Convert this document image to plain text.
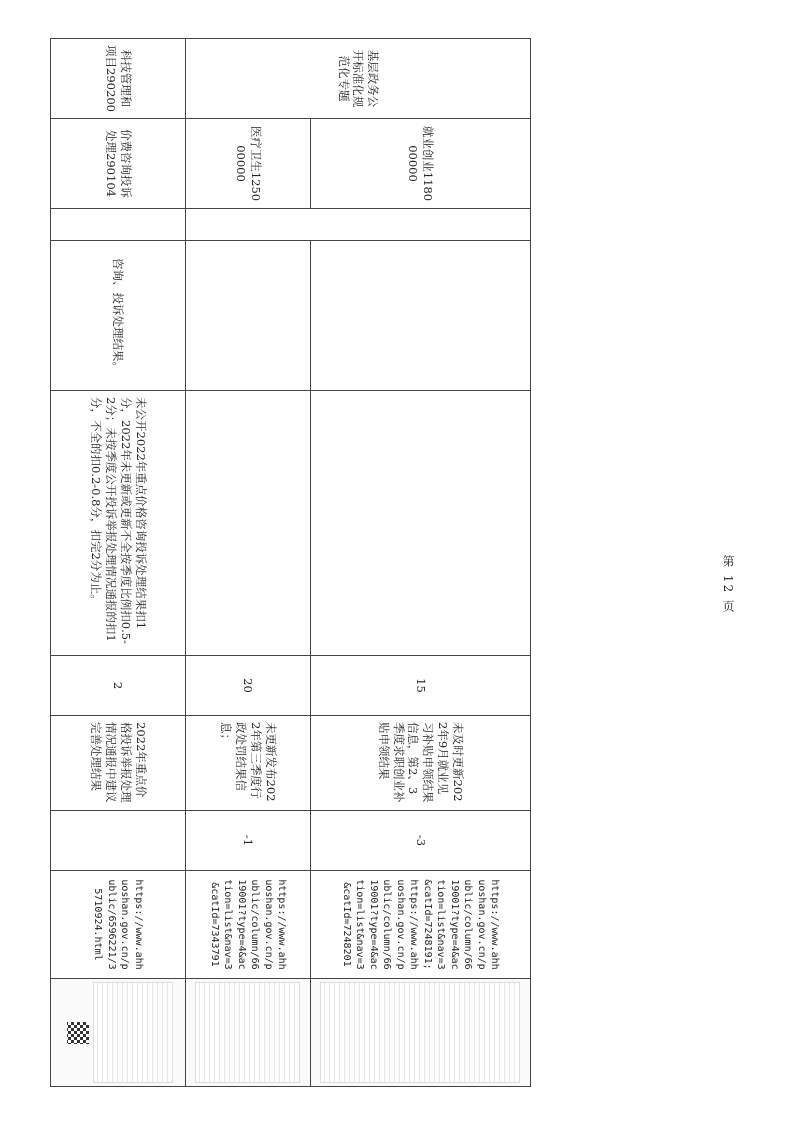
基层政务公开标准化规范化专题	就业创业118000000				15	未及时更新2022年9月就业见习补贴申领结果信息，第2、3季度求职创业补贴申领结果	-3	https://www.ahhuoshan.gov.cn/public/column/6619001?type=4&action=list&nav=3&catId=7248191; https://www.ahhuoshan.gov.cn/public/column/6619001?type=4&action=list&nav=3&catId=7248201	

	医疗卫生125000000				20	未更新发布2022年第三季度行政处罚结果信息；	-1	https://www.ahhuoshan.gov.cn/public/column/6619001?type=4&action=list&nav=3&catId=7343791	

科技管理和项目290200	价费咨询投诉处理290104		咨询、投诉处理结果。	未公开2022年重点价格咨询投诉处理结果扣1分，2022年未更新或更新不全按季度比例扣0.5-2分；未按季度公开投诉举报处理情况通报的扣1分，不全的扣0.2-0.8分，扣完2分为止。	2	2022年重点价格投诉举报处理情况通报中建议完善处理结果		https://www.ahhuoshan.gov.cn/public/6596221/35710924.html	
第 12 页
